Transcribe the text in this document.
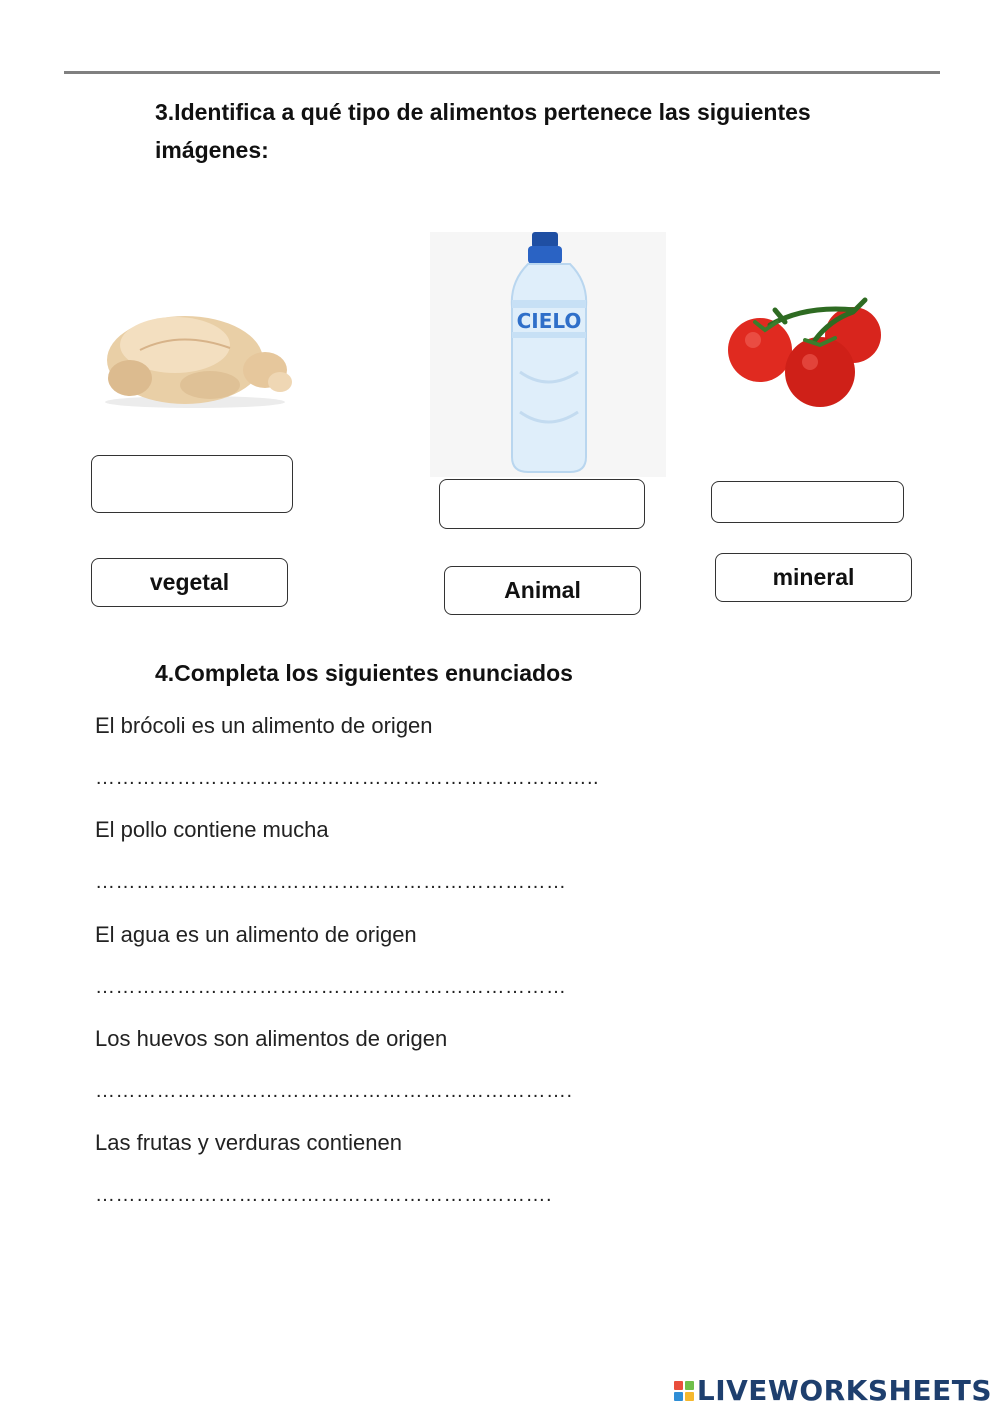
3.Identifica a qué tipo de alimentos pertenece las siguientes imágenes:
CIELO
vegetal	Animal	mineral
4.Completa los siguientes enunciados
El brócoli es un alimento de origen
………………………………………………………………..
El pollo contiene mucha
……………………………………………………………
El agua es un alimento de origen
……………………………………………………………
Los huevos son alimentos de origen
…………………………………………………………….
Las frutas y verduras contienen
………………………………………………………….
LIVEWORKSHEETS
